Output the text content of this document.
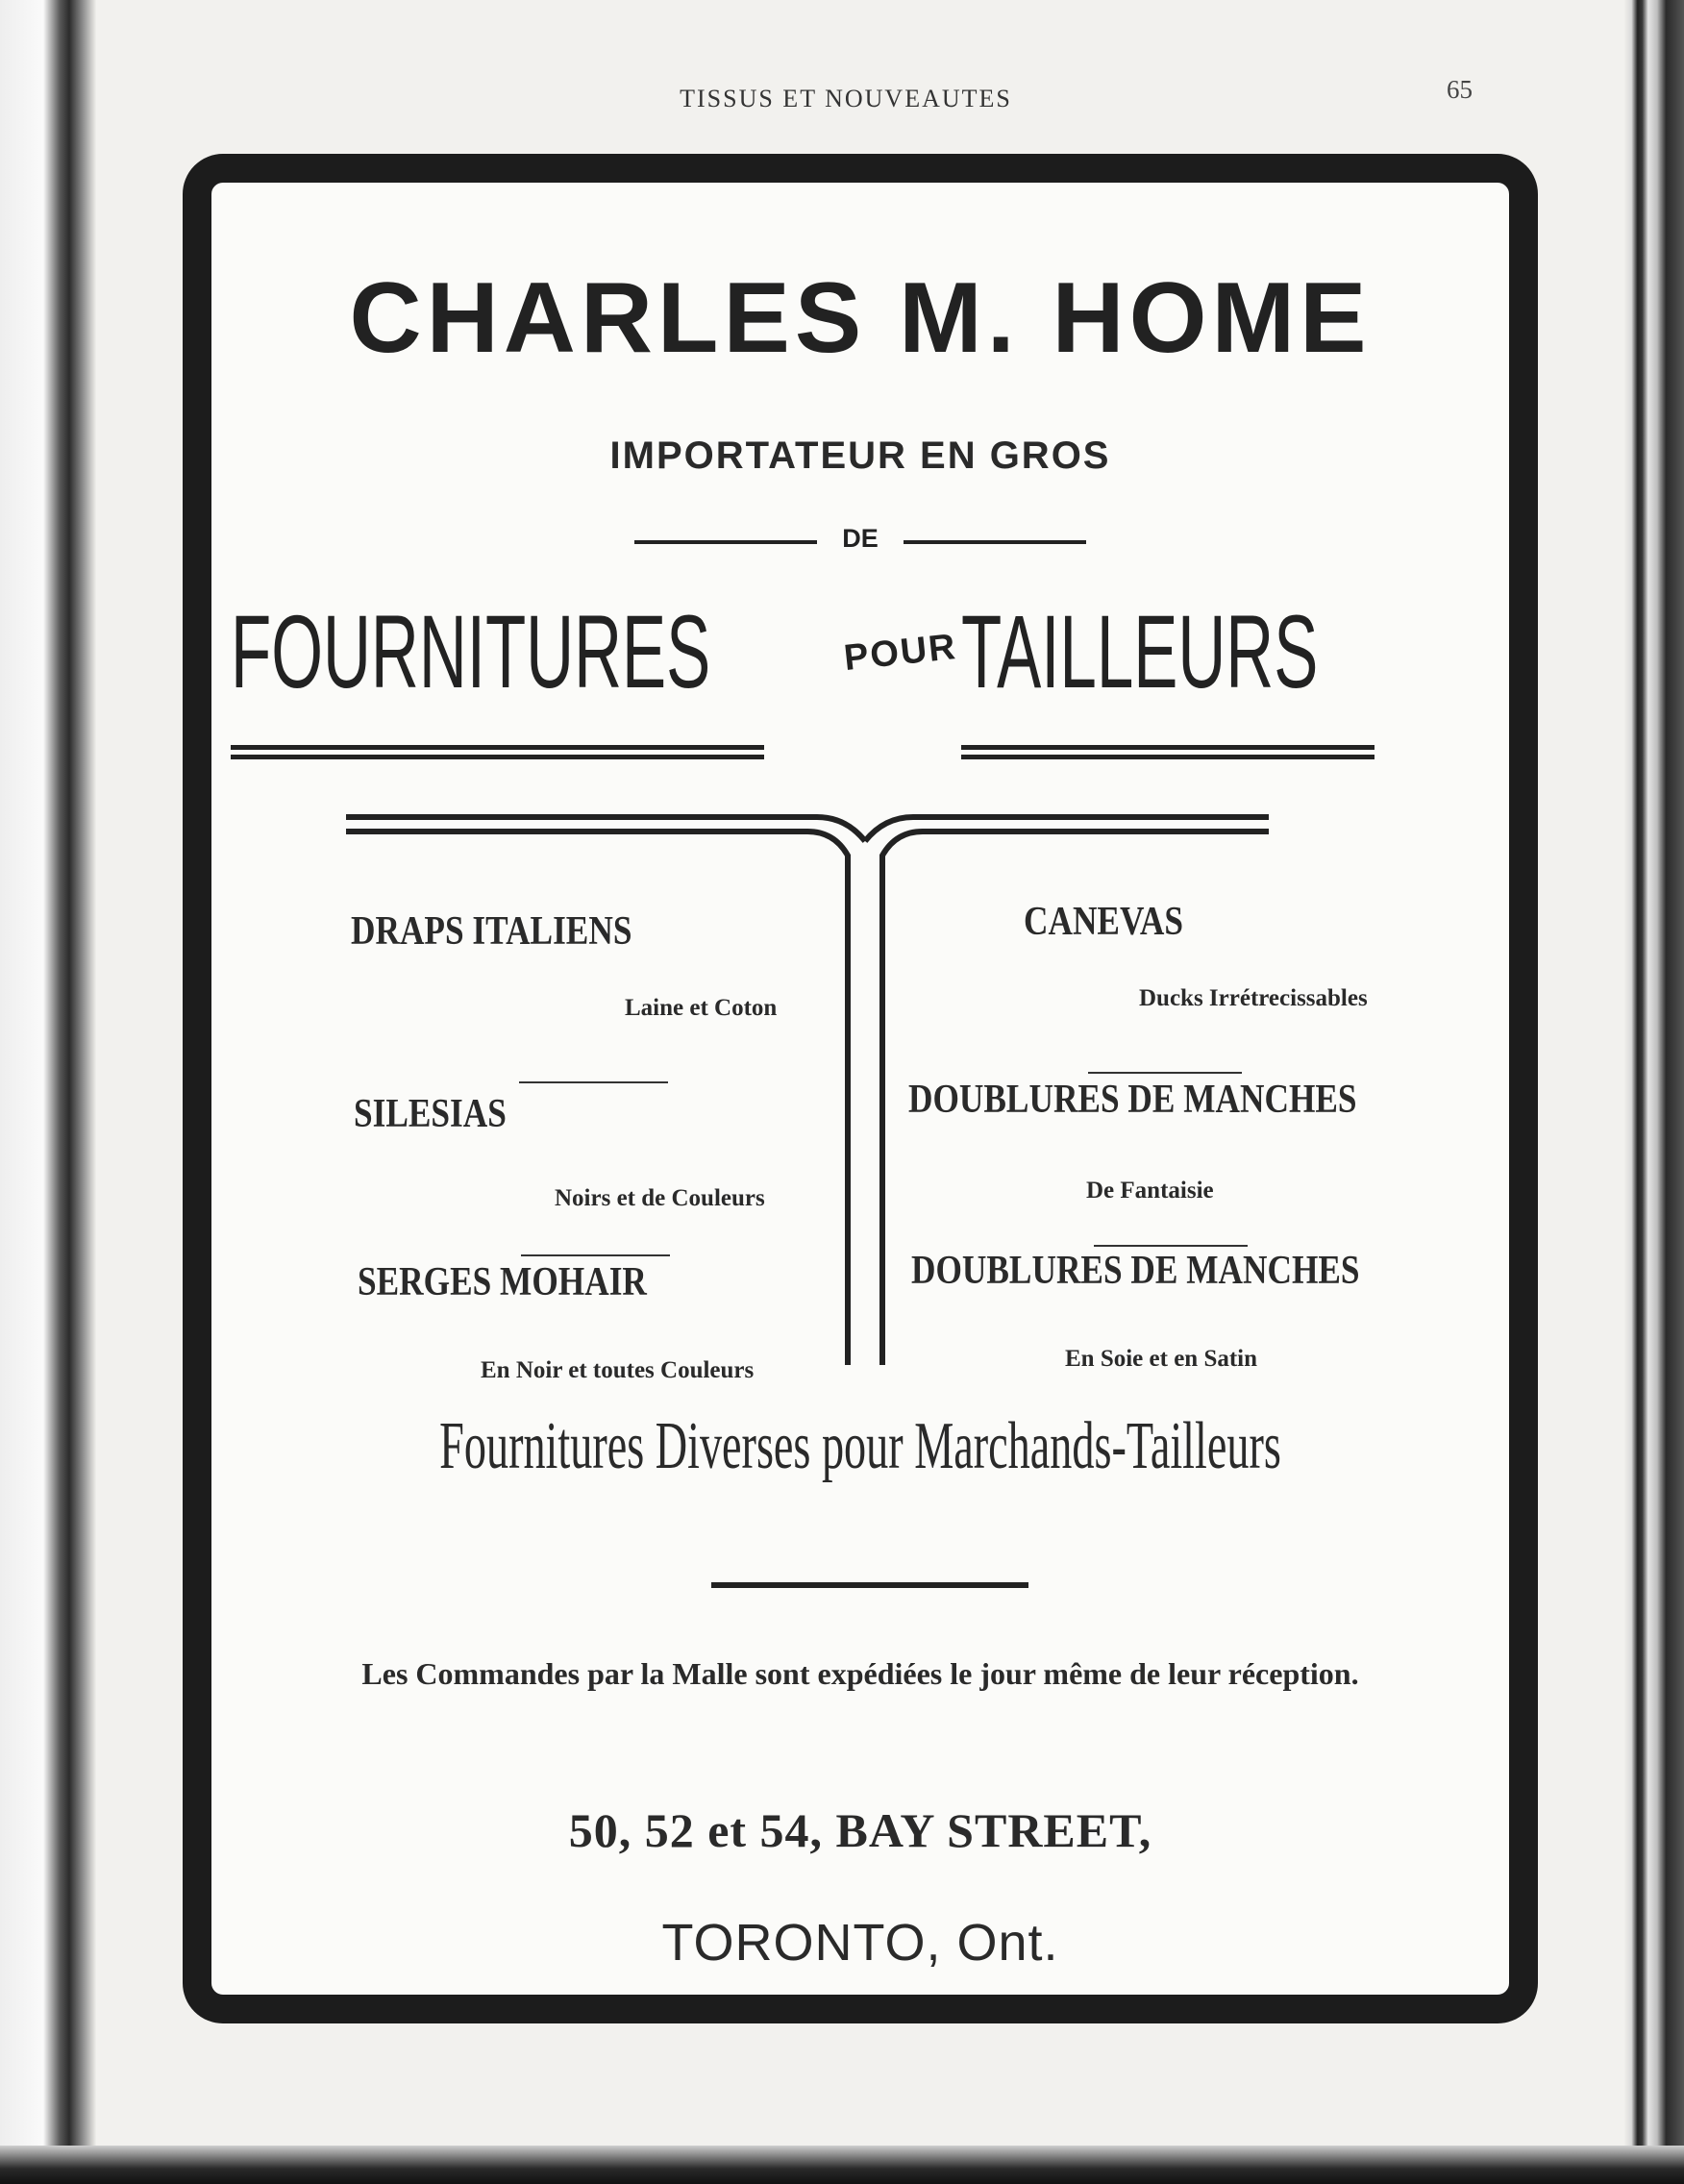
TISSUS ET NOUVEAUTES	65
CHARLES M. HOME
IMPORTATEUR EN GROS
DE
FOURNITURES	POUR TAILLEURS
DRAPS ITALIENS
Laine et Coton
SILESIAS
Noirs et de Couleurs
SERGES MOHAIR
En Noir et toutes Couleurs
CANEVAS
Ducks Irrétrecissables
DOUBLURES DE MANCHES
De Fantaisie
DOUBLURES DE MANCHES
En Soie et en Satin
Fournitures Diverses pour Marchands-Tailleurs
Les Commandes par la Malle sont expédiées le jour même de leur réception.
50, 52 et 54, BAY STREET,
TORONTO, Ont.
